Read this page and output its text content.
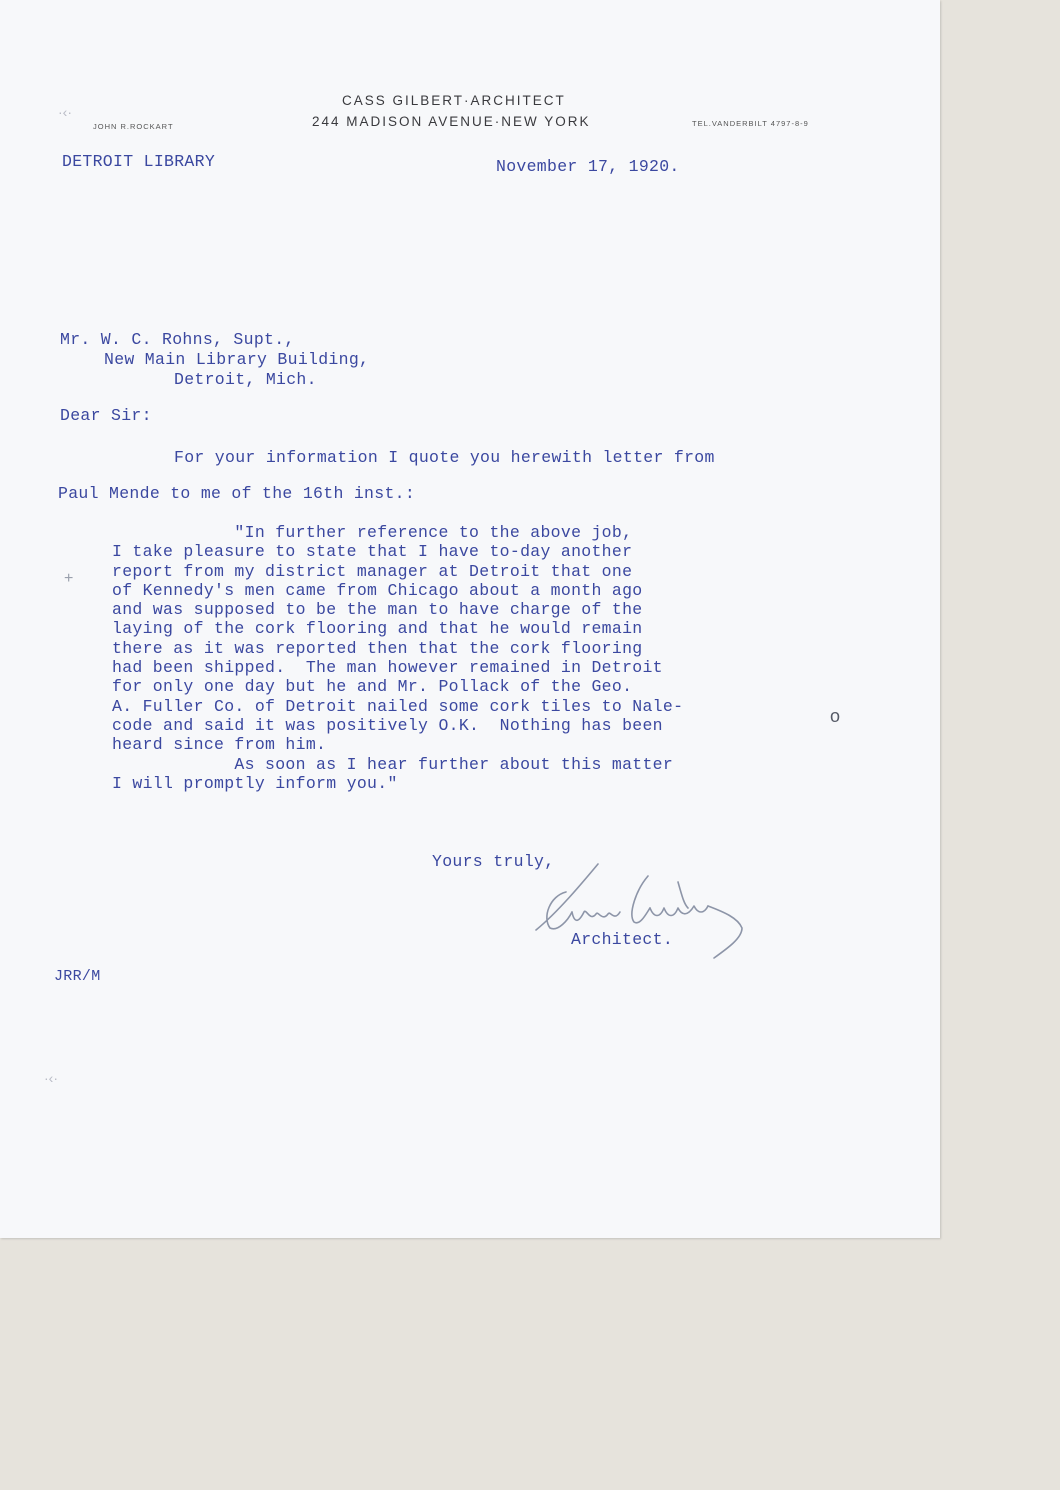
CASS GILBERT·ARCHITECT
244 MADISON AVENUE·NEW YORK
JOHN R.ROCKART	TEL.VANDERBILT 4797-8-9
DETROIT LIBRARY	November 17, 1920.
Mr. W. C. Rohns, Supt.,
New Main Library Building,
Detroit, Mich.
Dear Sir:
For your information I quote you herewith letter from
Paul Mende to me of the 16th inst.:
"In further reference to the above job,
I take pleasure to state that I have to-day another
report from my district manager at Detroit that one
of Kennedy's men came from Chicago about a month ago
and was supposed to be the man to have charge of the
laying of the cork flooring and that he would remain
there as it was reported then that the cork flooring
had been shipped.  The man however remained in Detroit
for only one day but he and Mr. Pollack of the Geo.
A. Fuller Co. of Detroit nailed some cork tiles to Nale-
code and said it was positively O.K.  Nothing has been
heard since from him.
As soon as I hear further about this matter
I will promptly inform you."
Yours truly,
Architect.
JRR/M
·‹·
+
·‹·
o
